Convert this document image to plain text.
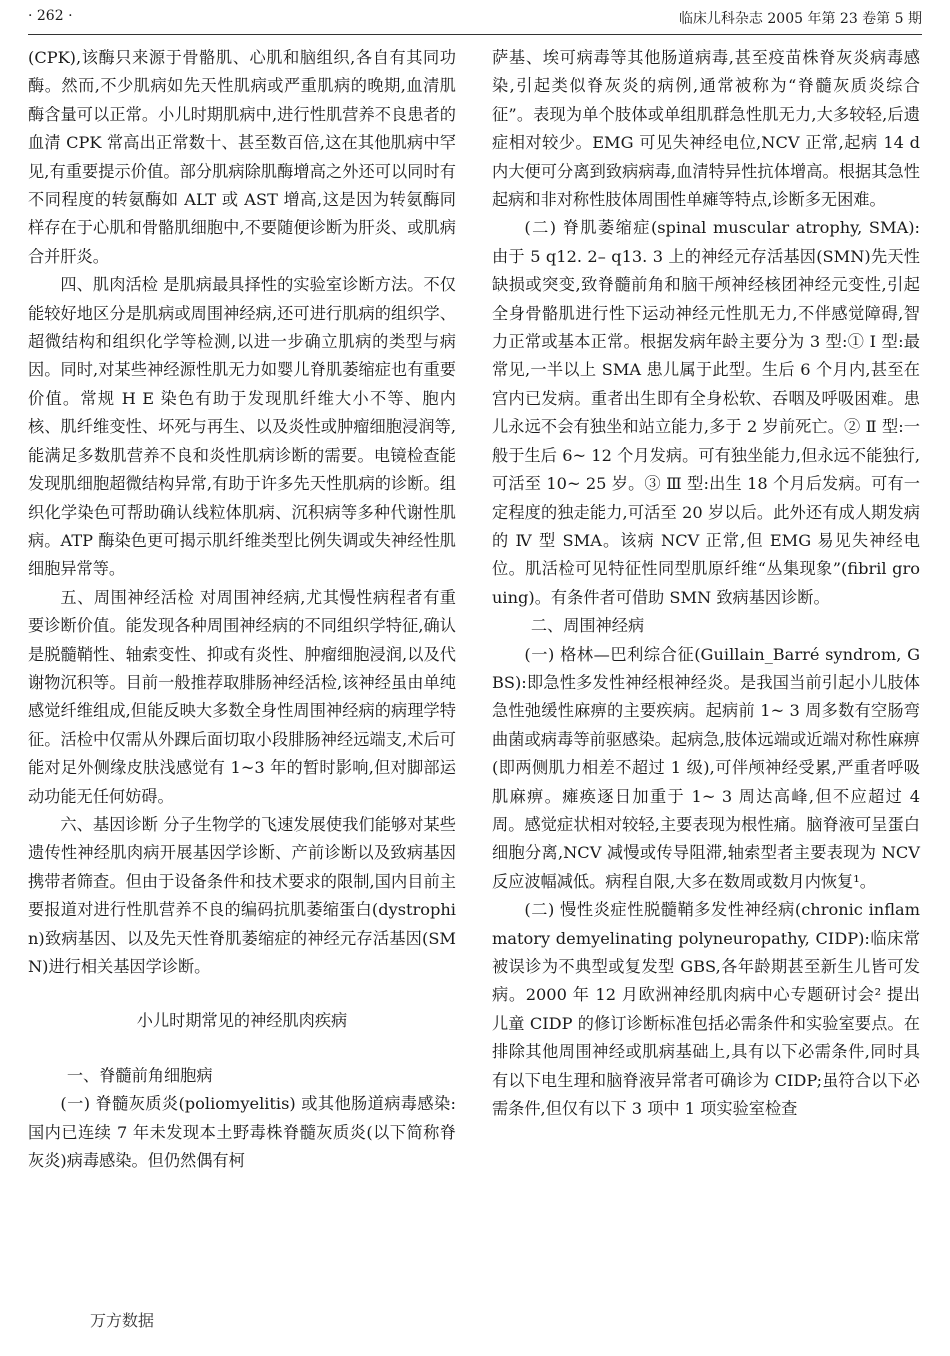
· 262 ·	临床儿科杂志 2005 年第 23 卷第 5 期

(CPK),该酶只来源于骨骼肌、心肌和脑组织,各自有其同功酶。然而,不少肌病如先天性肌病或严重肌病的晚期,血清肌酶含量可以正常。小儿时期肌病中,进行性肌营养不良患者的血清 CPK 常高出正常数十、甚至数百倍,这在其他肌病中罕见,有重要提示价值。部分肌病除肌酶增高之外还可以同时有不同程度的转氨酶如 ALT 或 AST 增高,这是因为转氨酶同样存在于心肌和骨骼肌细胞中,不要随便诊断为肝炎、或肌病合并肝炎。

四、肌肉活检 是肌病最具择性的实验室诊断方法。不仅能较好地区分是肌病或周围神经病,还可进行肌病的组织学、超微结构和组织化学等检测,以进一步确立肌病的类型与病因。同时,对某些神经源性肌无力如婴儿脊肌萎缩症也有重要价值。常规 H E 染色有助于发现肌纤维大小不等、胞内核、肌纤维变性、坏死与再生、以及炎性或肿瘤细胞浸润等,能满足多数肌营养不良和炎性肌病诊断的需要。电镜检查能发现肌细胞超微结构异常,有助于许多先天性肌病的诊断。组织化学染色可帮助确认线粒体肌病、沉积病等多种代谢性肌病。ATP 酶染色更可揭示肌纤维类型比例失调或失神经性肌细胞异常等。

五、周围神经活检 对周围神经病,尤其慢性病程者有重要诊断价值。能发现各种周围神经病的不同组织学特征,确认是脱髓鞘性、轴索变性、抑或有炎性、肿瘤细胞浸润,以及代谢物沉积等。目前一般推荐取腓肠神经活检,该神经虽由单纯感觉纤维组成,但能反映大多数全身性周围神经病的病理学特征。活检中仅需从外踝后面切取小段腓肠神经远端支,术后可能对足外侧缘皮肤浅感觉有 1~3 年的暂时影响,但对脚部运动功能无任何妨碍。

六、基因诊断 分子生物学的飞速发展使我们能够对某些遗传性神经肌肉病开展基因学诊断、产前诊断以及致病基因携带者筛查。但由于设备条件和技术要求的限制,国内目前主要报道对进行性肌营养不良的编码抗肌萎缩蛋白(dystrophin)致病基因、以及先天性脊肌萎缩症的神经元存活基因(SMN)进行相关基因学诊断。

小儿时期常见的神经肌肉疾病

一、脊髓前角细胞病

(一) 脊髓灰质炎(poliomyelitis) 或其他肠道病毒感染:国内已连续 7 年未发现本土野毒株脊髓灰质炎(以下简称脊灰炎)病毒感染。但仍然偶有柯

萨基、埃可病毒等其他肠道病毒,甚至疫苗株脊灰炎病毒感染,引起类似脊灰炎的病例,通常被称为“脊髓灰质炎综合征”。表现为单个肢体或单组肌群急性肌无力,大多较轻,后遗症相对较少。EMG 可见失神经电位,NCV 正常,起病 14 d 内大便可分离到致病病毒,血清特异性抗体增高。根据其急性起病和非对称性肢体周围性单瘫等特点,诊断多无困难。

(二) 脊肌萎缩症(spinal muscular atrophy, SMA):由于 5 q12. 2– q13. 3 上的神经元存活基因(SMN)先天性缺损或突变,致脊髓前角和脑干颅神经核团神经元变性,引起全身骨骼肌进行性下运动神经元性肌无力,不伴感觉障碍,智力正常或基本正常。根据发病年龄主要分为 3 型:① Ⅰ 型:最常见,一半以上 SMA 患儿属于此型。生后 6 个月内,甚至在宫内已发病。重者出生即有全身松软、吞咽及呼吸困难。患儿永远不会有独坐和站立能力,多于 2 岁前死亡。② Ⅱ 型:一般于生后 6~ 12 个月发病。可有独坐能力,但永远不能独行,可活至 10~ 25 岁。③ Ⅲ 型:出生 18 个月后发病。可有一定程度的独走能力,可活至 20 岁以后。此外还有成人期发病的 Ⅳ 型 SMA。该病 NCV 正常,但 EMG 易见失神经电位。肌活检可见特征性同型肌原纤维“丛集现象”(fibril grouing)。有条件者可借助 SMN 致病基因诊断。

二、周围神经病

(一) 格林—巴利综合征(Guillain_Barré syndrom, GBS):即急性多发性神经根神经炎。是我国当前引起小儿肢体急性弛缓性麻痹的主要疾病。起病前 1~ 3 周多数有空肠弯曲菌或病毒等前驱感染。起病急,肢体远端或近端对称性麻痹(即两侧肌力相差不超过 1 级),可伴颅神经受累,严重者呼吸肌麻痹。瘫痪逐日加重于 1~ 3 周达高峰,但不应超过 4 周。感觉症状相对较轻,主要表现为根性痛。脑脊液可呈蛋白细胞分离,NCV 减慢或传导阻滞,轴索型者主要表现为 NCV 反应波幅减低。病程自限,大多在数周或数月内恢复¹。

(二) 慢性炎症性脱髓鞘多发性神经病(chronic inflammatory demyelinating polyneuropathy, CIDP):临床常被误诊为不典型或复发型 GBS,各年龄期甚至新生儿皆可发病。2000 年 12 月欧洲神经肌肉病中心专题研讨会² 提出儿童 CIDP 的修订诊断标准包括必需条件和实验室要点。在排除其他周围神经或肌病基础上,具有以下必需条件,同时具有以下电生理和脑脊液异常者可确诊为 CIDP;虽符合以下必需条件,但仅有以下 3 项中 1 项实验室检查

万方数据
